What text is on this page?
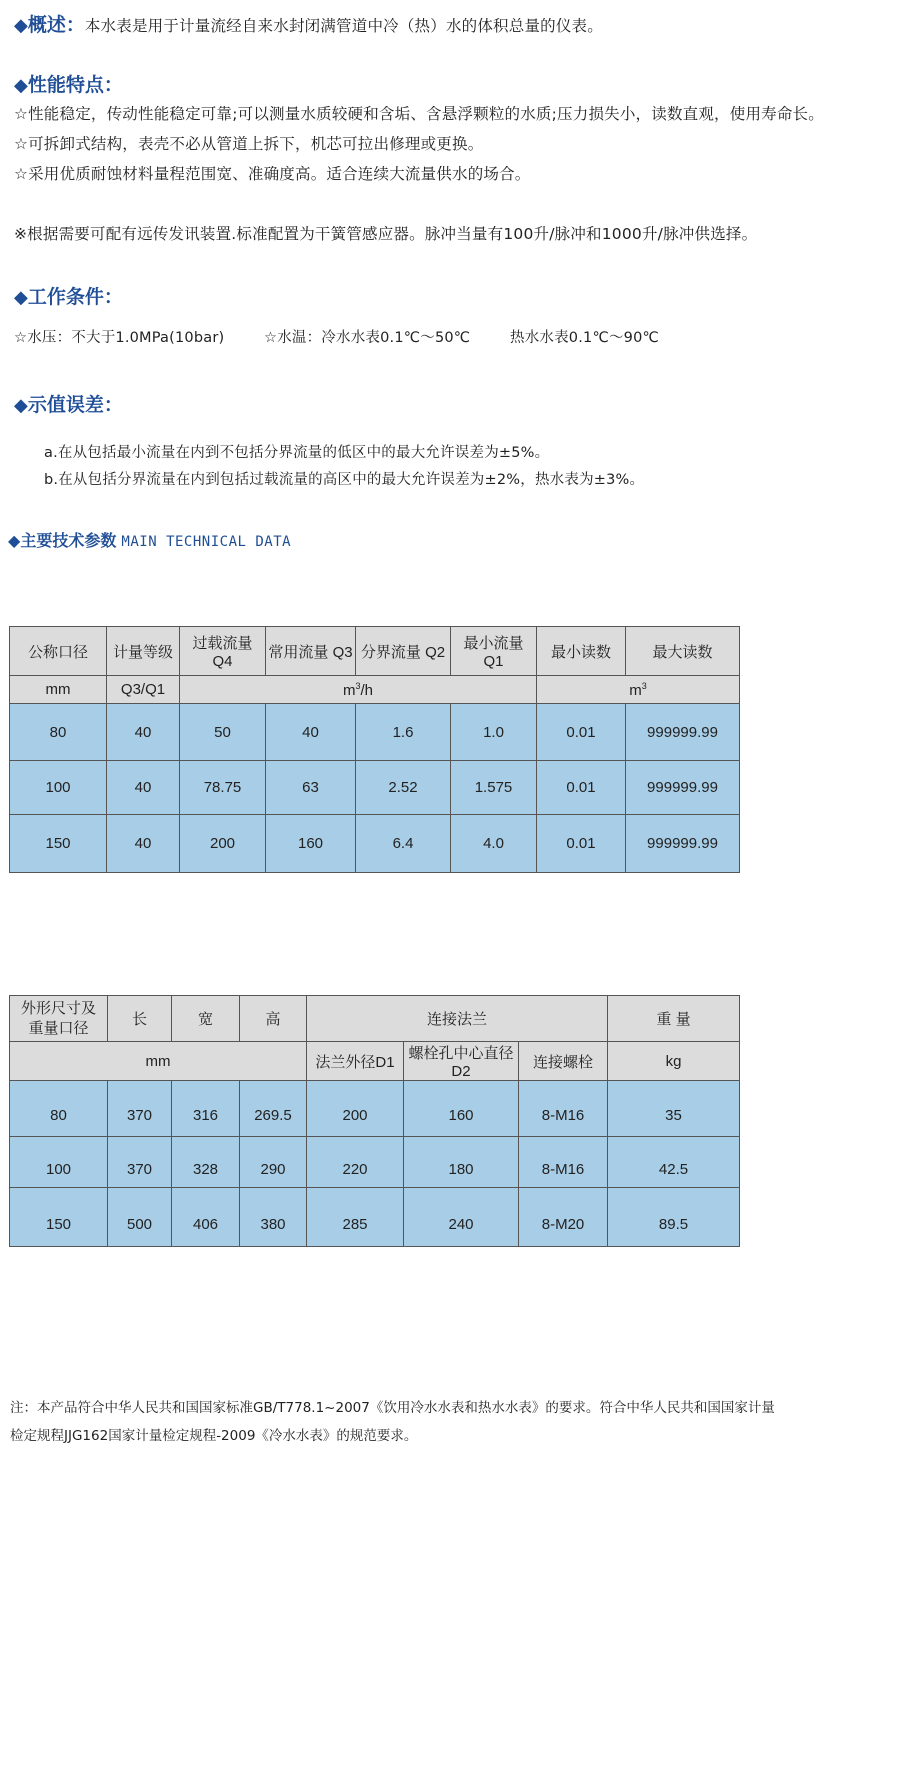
◆概述：本水表是用于计量流经自来水封闭满管道中冷（热）水的体积总量的仪表。
◆性能特点：
☆性能稳定，传动性能稳定可靠;可以测量水质较硬和含垢、含悬浮颗粒的水质;压力损失小，读数直观，使用寿命长。
☆可拆卸式结构，表壳不必从管道上拆下，机芯可拉出修理或更换。
☆采用优质耐蚀材料量程范围宽、准确度高。适合连续大流量供水的场合。
※根据需要可配有远传发讯装置.标准配置为干簧管感应器。脉冲当量有100升/脉冲和1000升/脉冲供选择。
◆工作条件：
☆水压：不大于1.0MPa(10bar)	☆水温：冷水水表0.1℃～50℃	热水水表0.1℃～90℃
◆示值误差：
a.在从包括最小流量在内到不包括分界流量的低区中的最大允许误差为±5%。
b.在从包括分界流量在内到包括过载流量的高区中的最大允许误差为±2%，热水表为±3%。
◆主要技术参数 MAIN TECHNICAL DATA
公称口径	计量等级	过载流量 Q4	常用流量 Q3	分界流量 Q2	最小流量 Q1	最小读数	最大读数
mm	Q3/Q1	$m^3/h$				$m^3$
80	40	50	40	1.6	1.0	0.01	999999.99
100	40	78.75	63	2.52	1.575	0.01	999999.99
150	40	200	160	6.4	4.0	0.01	999999.99
外形尺寸及
重量口径	长	宽	高	连接法兰			重 量
mm				法兰外径D1	螺栓孔中心直径D2	连接螺栓	kg
80	370	316	269.5	200	160	8-M16	35
100	370	328	290	220	180	8-M16	42.5
150	500	406	380	285	240	8-M20	89.5
注：本产品符合中华人民共和国国家标准GB/T778.1~2007《饮用冷水水表和热水水表》的要求。符合中华人民共和国国家计量
检定规程JJG162国家计量检定规程-2009《冷水水表》的规范要求。
